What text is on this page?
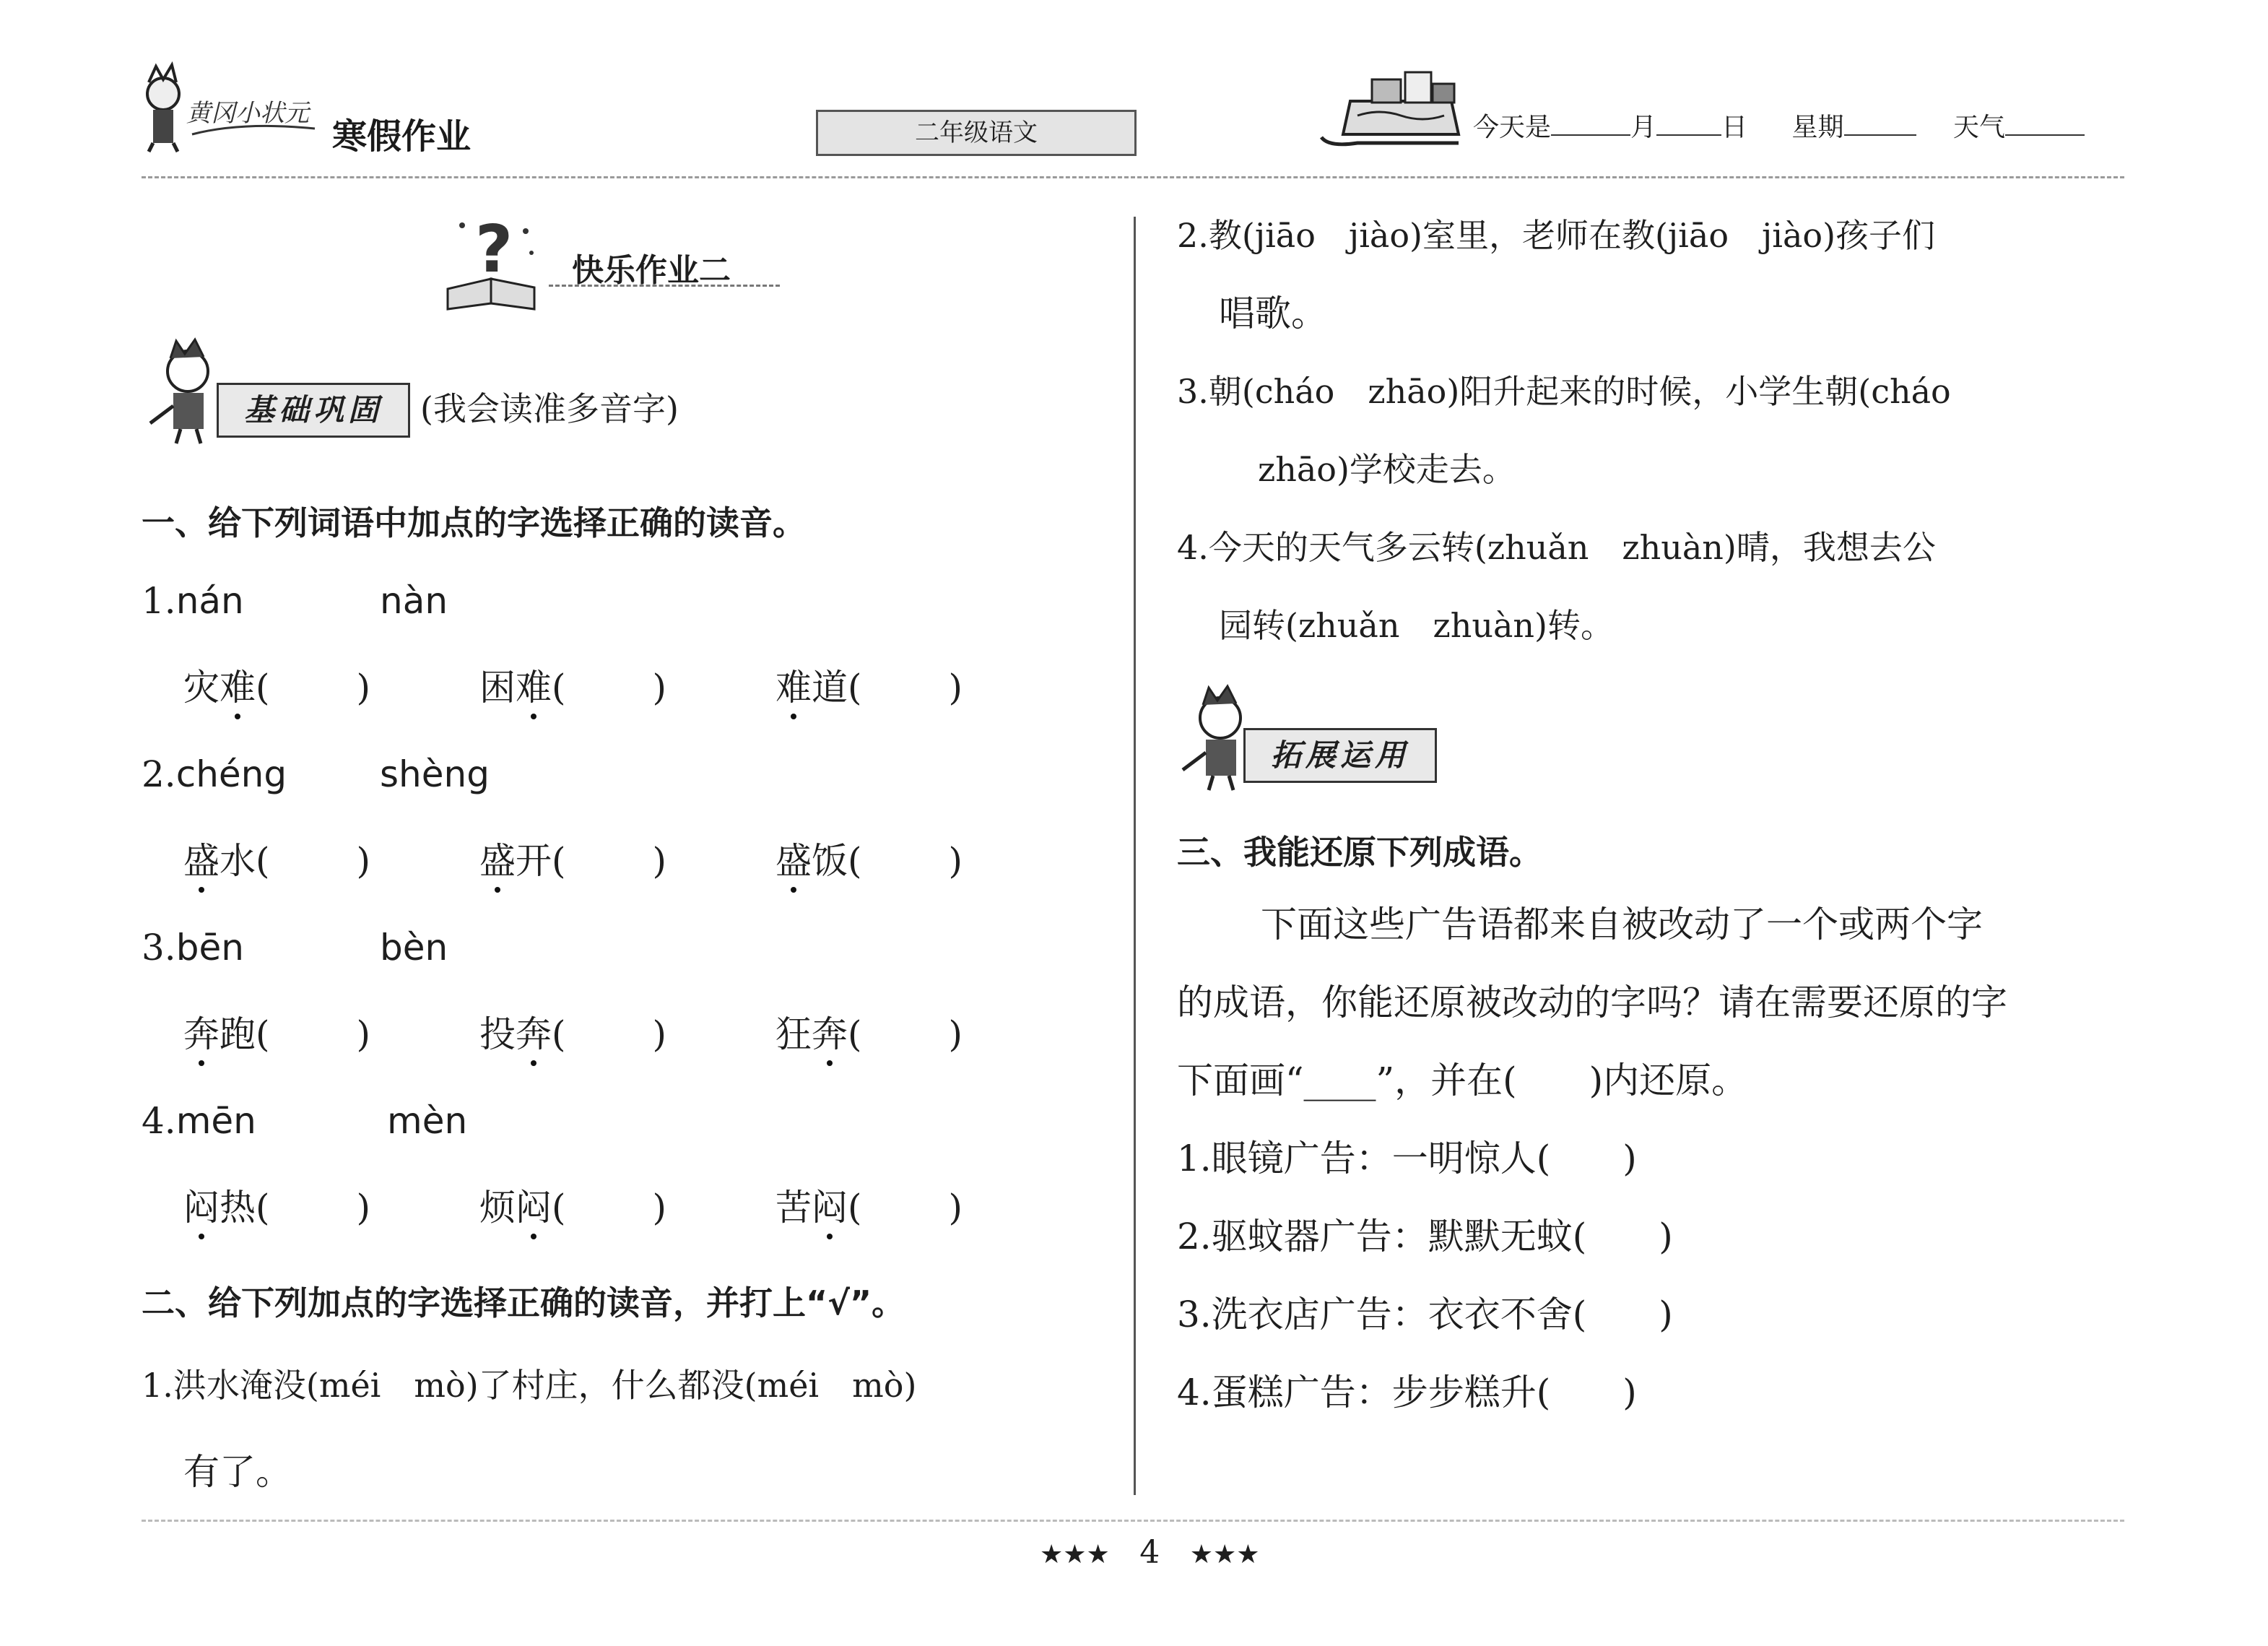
黄冈小状元
寒假作业	二年级语文	今天是	月	日 星期	天气
? 快乐作业二
基础巩固	(我会读准多音字)
一、给下列词语中加点的字选择正确的读音。
1.nán	nàn
灾难( )	困难( )	难道( )
2.chéng	shèng
盛水( )	盛开( )	盛饭( )
3.bēn	bèn
奔跑( )	投奔( )	狂奔( )
4.mēn	mèn
闷热( )	烦闷( )	苦闷( )
二、给下列加点的字选择正确的读音，并打上“√”。
1.洪水淹没(méi　mò)了村庄，什么都没(méi　mò)
有了。
2.教(jiāo　jiào)室里，老师在教(jiāo　jiào)孩子们
唱歌。
3.朝(cháo　zhāo)阳升起来的时候，小学生朝(cháo
zhāo)学校走去。
4.今天的天气多云转(zhuǎn　zhuàn)晴，我想去公
园转(zhuǎn　zhuàn)转。
拓展运用
三、我能还原下列成语。
下面这些广告语都来自被改动了一个或两个字
的成语，你能还原被改动的字吗？请在需要还原的字
下面画“____”，并在(　　)内还原。
1.眼镜广告：一明惊人(　　)
2.驱蚊器广告：默默无蚊(　　)
3.洗衣店广告：衣衣不舍(　　)
4.蛋糕广告：步步糕升(　　)
★★★ 4 ★★★
